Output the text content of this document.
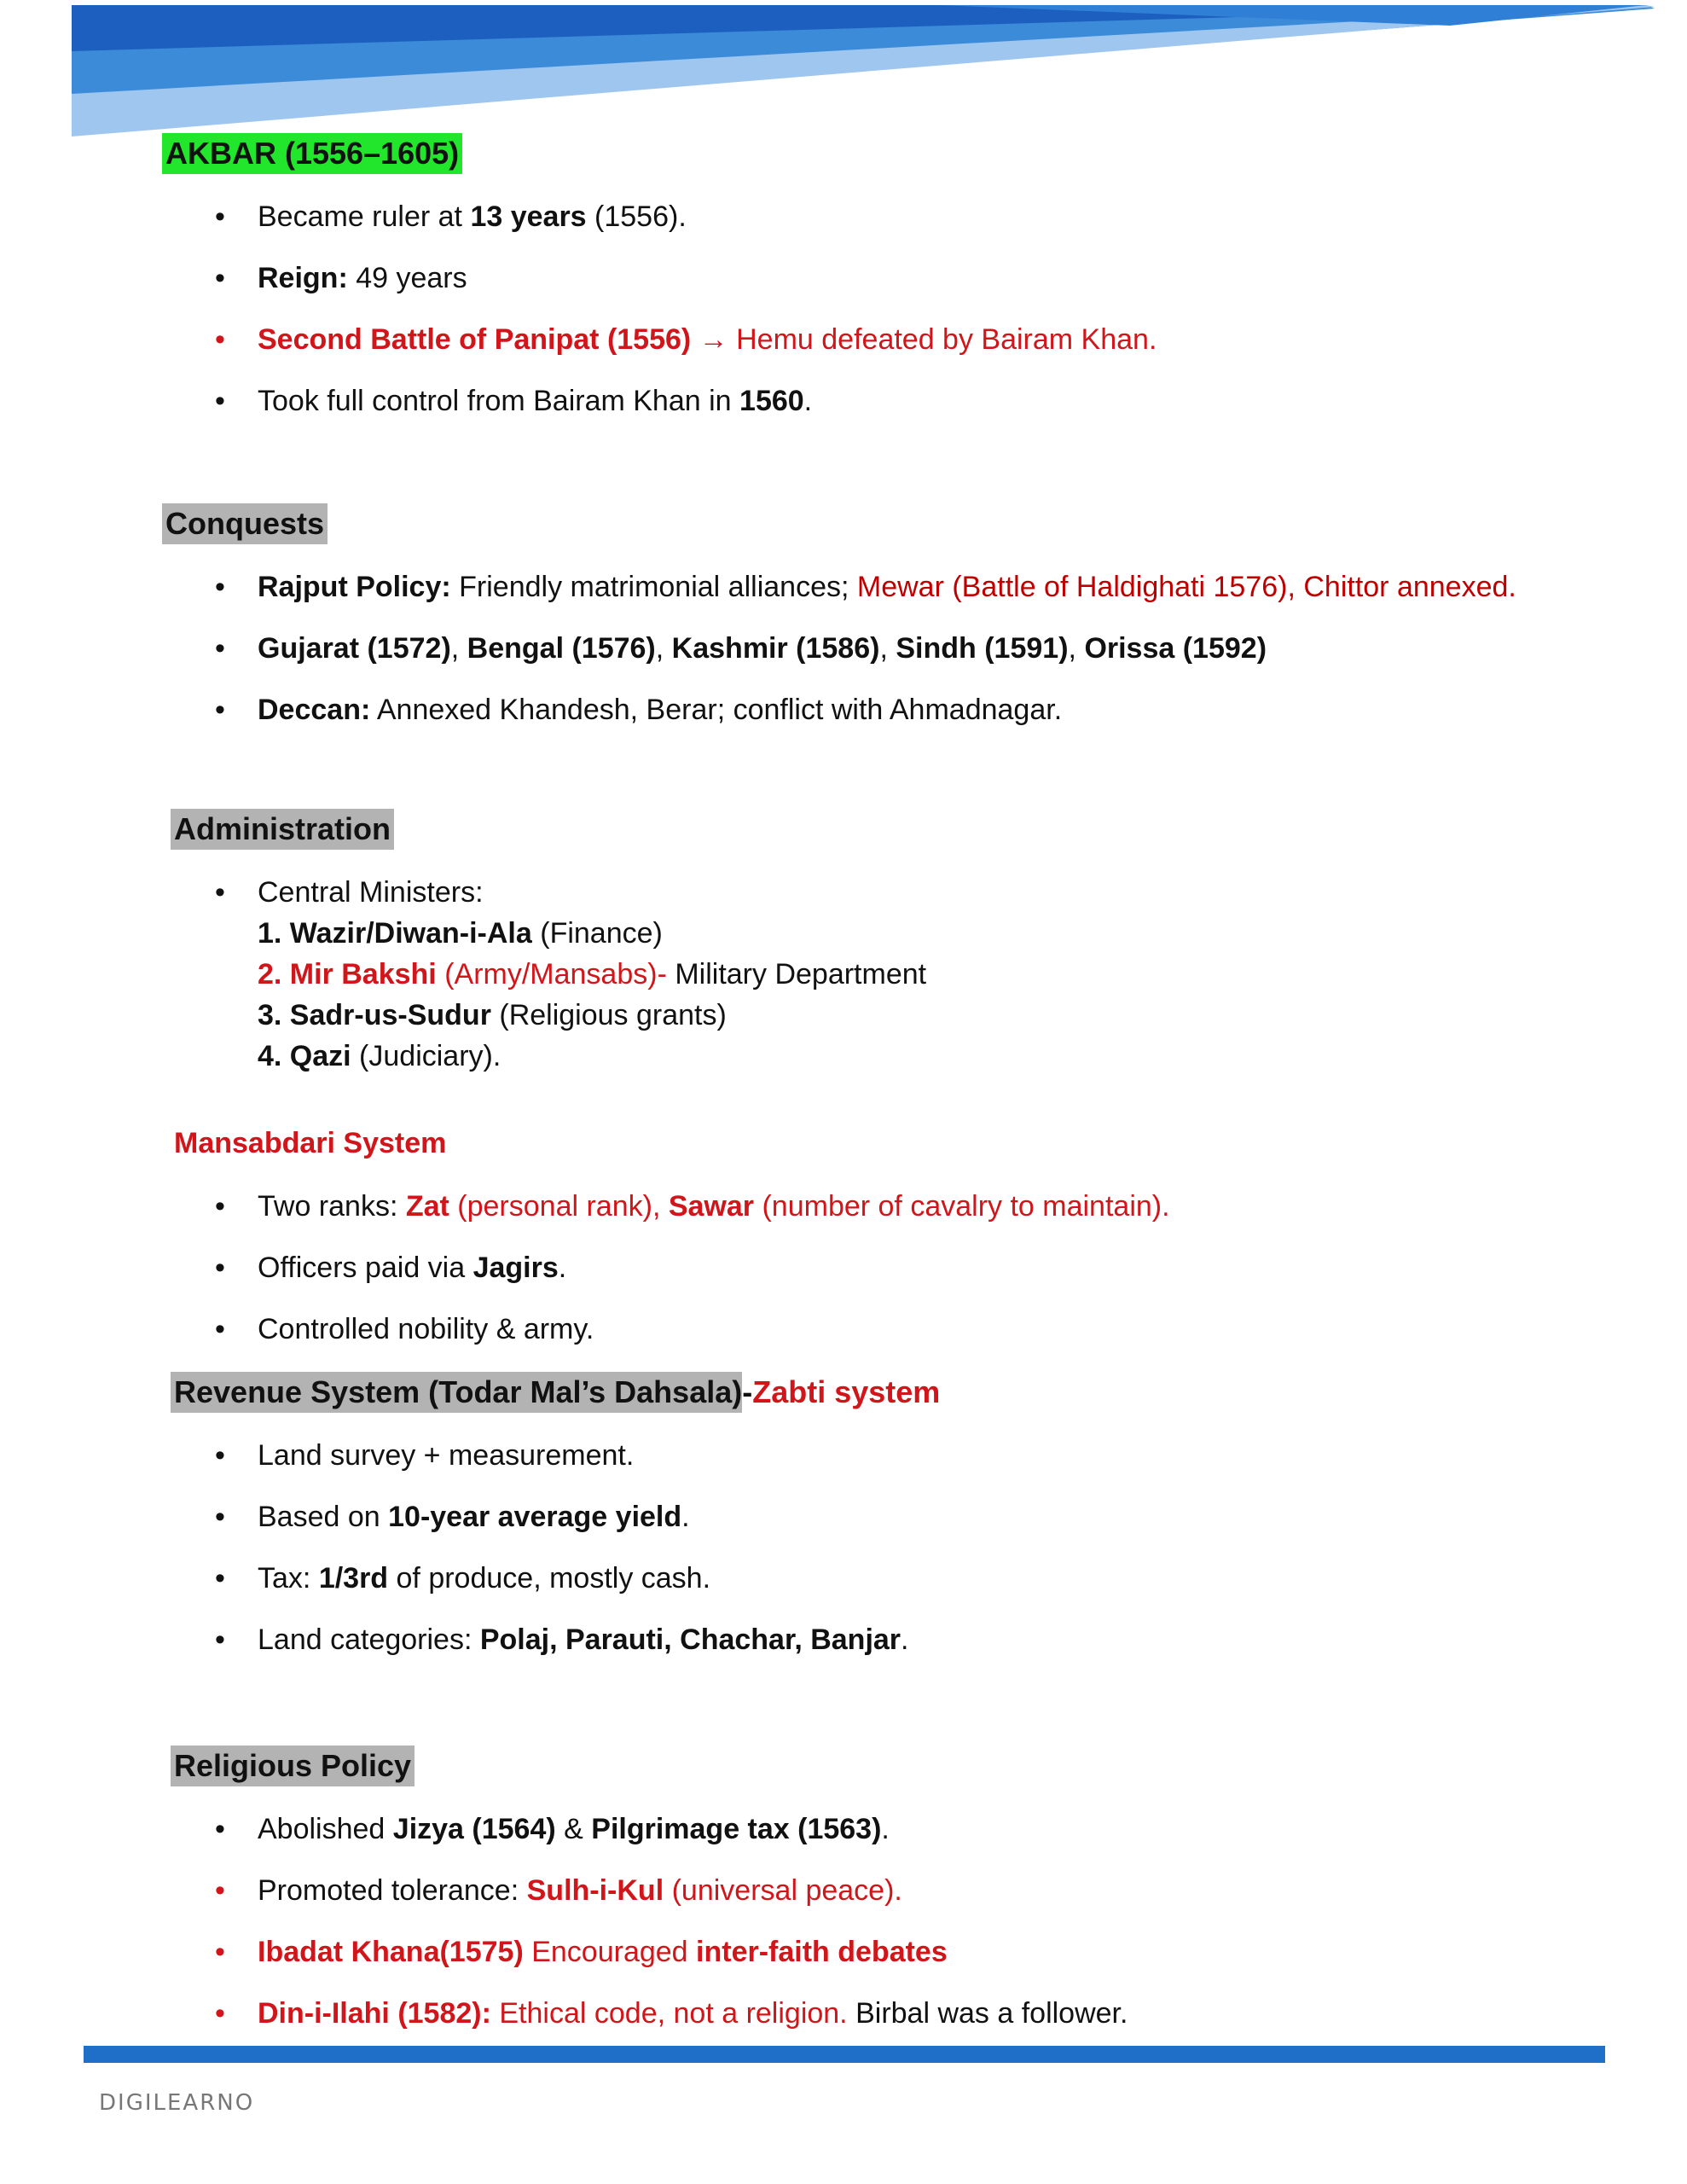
AKBAR (1556–1605)
• Became ruler at 13 years (1556).
• Reign: 49 years
• Second Battle of Panipat (1556) → Hemu defeated by Bairam Khan.
• Took full control from Bairam Khan in 1560.
Conquests
• Rajput Policy: Friendly matrimonial alliances; Mewar (Battle of Haldighati 1576), Chittor annexed.
• Gujarat (1572), Bengal (1576), Kashmir (1586), Sindh (1591), Orissa (1592)
• Deccan: Annexed Khandesh, Berar; conflict with Ahmadnagar.
Administration
• Central Ministers:
1. Wazir/Diwan-i-Ala (Finance)
2. Mir Bakshi (Army/Mansabs)- Military Department
3. Sadr-us-Sudur (Religious grants)
4. Qazi (Judiciary).
Mansabdari System
• Two ranks: Zat (personal rank), Sawar (number of cavalry to maintain).
• Officers paid via Jagirs.
• Controlled nobility & army.
Revenue System (Todar Mal’s Dahsala)-Zabti system
• Land survey + measurement.
• Based on 10-year average yield.
• Tax: 1/3rd of produce, mostly cash.
• Land categories: Polaj, Parauti, Chachar, Banjar.
Religious Policy
• Abolished Jizya (1564) & Pilgrimage tax (1563).
• Promoted tolerance: Sulh-i-Kul (universal peace).
• Ibadat Khana(1575) Encouraged inter-faith debates
• Din-i-Ilahi (1582): Ethical code, not a religion. Birbal was a follower.
DIGILEARNO
